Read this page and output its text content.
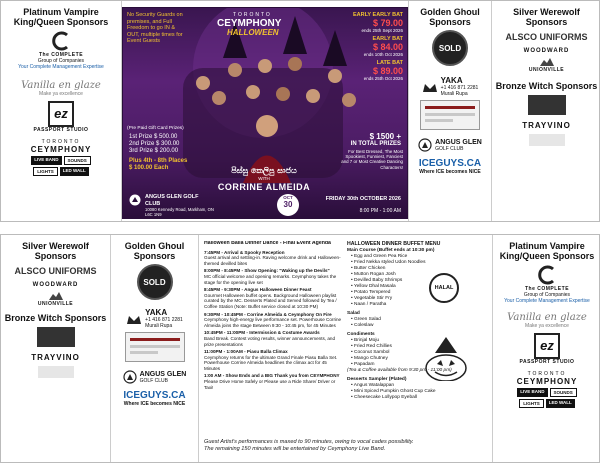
Platinum Vampire King/Queen Sponsors
The COMPLETE
Group of Companies
Your Complete Management Expertise
Vanilla en glaze
Make ya excellence
ez
PASSPORT STUDIO
TORONTO
CEYMPHONY
LIVE BAND	SOUNDS
LIGHTS	LED WALL
No Security Guards on premises, and Full Freedom to go IN & OUT, multiple times for Event Guests
TORONTO
CEYMPHONY
HALLOWEEN
EARLY EARLY BAT
$ 79.00
ends 25th Sept 2026
EARLY BAT
$ 84.00
ends 10th Oct 2026
LATE BAT
$ 89.00
ends 25th Oct 2026
(Pre Paid Gift Card Prizes)
1st Prize $ 500.00
2nd Prize $ 300.00
3rd Prize $ 200.00
Plus 4th - 8th Places
$ 100.00 Each
$ 1500 +
IN TOTAL PRIZES
For Best Dressed, The Most Spookiest, Funniest, Fanciest and 7 or Most Creative Dancing Characters!
පිස්සු කෙලිපු සාජය
WITH
CORRINE ALMEIDA
ANGUS GLEN GOLF CLUB
10080 Kennedy Road, Markham, ON L6C 1N9
OCT
30
FRIDAY 30th OCTOBER 2026
8:00 PM - 1:00 AM
Golden Ghoul Sponsors
SOLD
YAKA
+1 416 871 2281
Murali Rupa
ANGUS GLEN
GOLF CLUB
ICEGUYS.CA
Where ICE becomes NICE
Silver Werewolf Sponsors
ALSCO UNIFORMS
WOODWARD
UNIONVILLE
Bronze Witch Sponsors
TRAYVINO
Silver Werewolf Sponsors
ALSCO UNIFORMS
WOODWARD
UNIONVILLE
Bronze Witch Sponsors
TRAYVINO
Golden Ghoul Sponsors
SOLD
YAKA
+1 416 871 2281
Murali Rupa
ANGUS GLEN
GOLF CLUB
ICEGUYS.CA
Where ICE becomes NICE
Halloween Balla Dinner Dance - Final Event Agenda
7:45PM - Arrival & Spooky Reception
Guest arrival and settling-in. Raving welcome drink and Halloween-themed devilled bites
8:00PM - 8:45PM - Show Opening: "Waking up the Devils"
MC official welcome and opening remarks. Ceymphony takes the stage for the opening live set
8:45PM - 9:30PM - Angus Halloween Dinner Feast
Gourmet Halloween buffet opens. Background Halloween playlist curated by the MC. Desserts Plated and Served followed by Tea / Coffee Station (Note: Buffet service closed at 10:30 PM)
9:30PM - 10:45PM - Corrine Almeida & Ceymphony On Fire
Ceymphony high-energy live performance set. Powerhouse Corrine Almeida joins the stage Between 9:30 - 10:45 pm, for 45 Minutes
10:45PM - 11:00PM - Intermission & Costume Awards
Band Break. Contest voting results, winner announcements, and prize presentations
11:00PM - 1:00AM - Piasu Balla Climax
Ceymphony returns for the ultimate Grand Finale Piasu Balla Set. Powerhouse Corrine Almeida headlines the climax act for 45 Minutes
1:00 AM - Show Ends and a BIG Thank you from CEYMPHONY
Please Drive Home Safely or Please use a Ride Share/ Driver or Taxi!
HALLOWEEN DINNER BUFFET MENU
Main Course (Buffet ends at 10:30 pm)
• Egg and Green Pea Rice
• Fried Nekka styled Udon Noodles
• Butter Chicken
• Mutton Rogan Josh
• Devilled Baby Shrimps
• Yellow Dhal Masala
• Potato Tempered
• Vegetable Stir Fry
• Naan / Paratha
Salad
• Green Salad
• Coleslaw
Condiments
• Brinjal Moju
• Fried Red Chillies
• Coconut Sambol
• Mango Chutney
• Papadam
(Tea & Coffee available from 9:30 pm - 11:00 pm)
Desserts Sampler (Plated)
• Angus Watalappan
• Mini Spiced Pumpkin Ghost Cup Cake
• Cheesecake Lollypop Eyeball
HALAL
Platinum Vampire King/Queen Sponsors
The COMPLETE
Group of Companies
Your Complete Management Expertise
Vanilla en glaze
Make ya excellence
ez
PASSPORT STUDIO
TORONTO
CEYMPHONY
LIVE BAND	SOUNDS
LIGHTS	LED WALL
Guest Artist's performances is maxed to 90 minutes, owing to vocal cades possibility.
The remaining 150 minutes will be entertained by Ceymphony Live Band.
